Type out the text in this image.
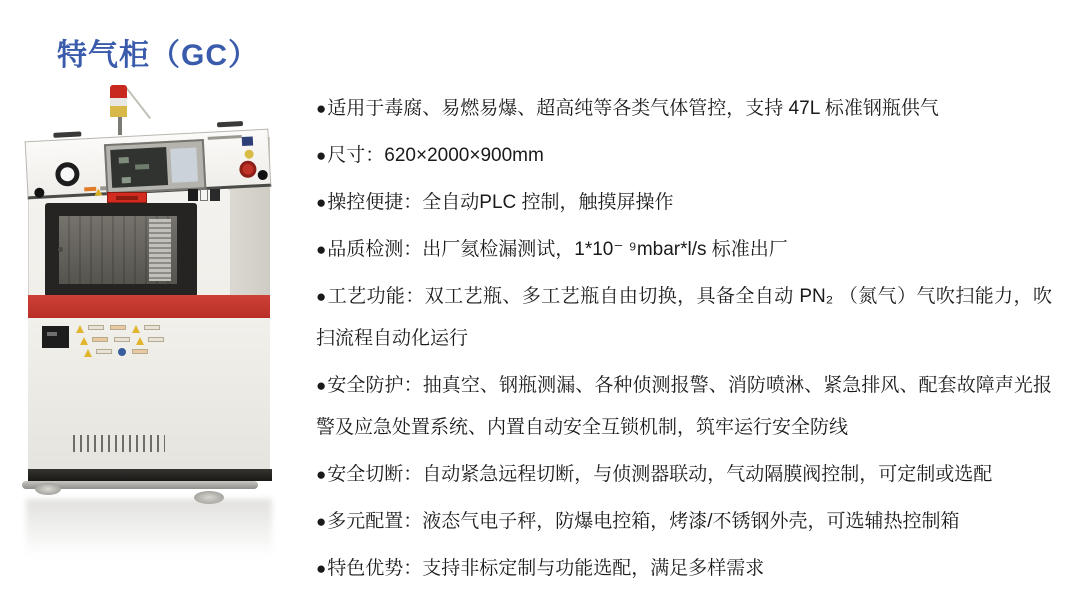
特气柜（GC）
●适用于毒腐、易燃易爆、超高纯等各类气体管控，支持 47L 标准钢瓶供气
●尺寸：620×2000×900mm
●操控便捷：全自动PLC 控制，触摸屏操作
●品质检测：出厂氦检漏测试，1*10⁻ ⁹mbar*l/s 标准出厂
●工艺功能：双工艺瓶、多工艺瓶自由切换，具备全自动 PN₂ （氮气）气吹扫能力，吹扫流程自动化运行
●安全防护：抽真空、钢瓶测漏、各种侦测报警、消防喷淋、紧急排风、配套故障声光报警及应急处置系统、内置自动安全互锁机制，筑牢运行安全防线
●安全切断：自动紧急远程切断，与侦测器联动，气动隔膜阀控制，可定制或选配
●多元配置：液态气电子秤，防爆电控箱，烤漆/不锈钢外壳，可选辅热控制箱
●特色优势：支持非标定制与功能选配，满足多样需求
